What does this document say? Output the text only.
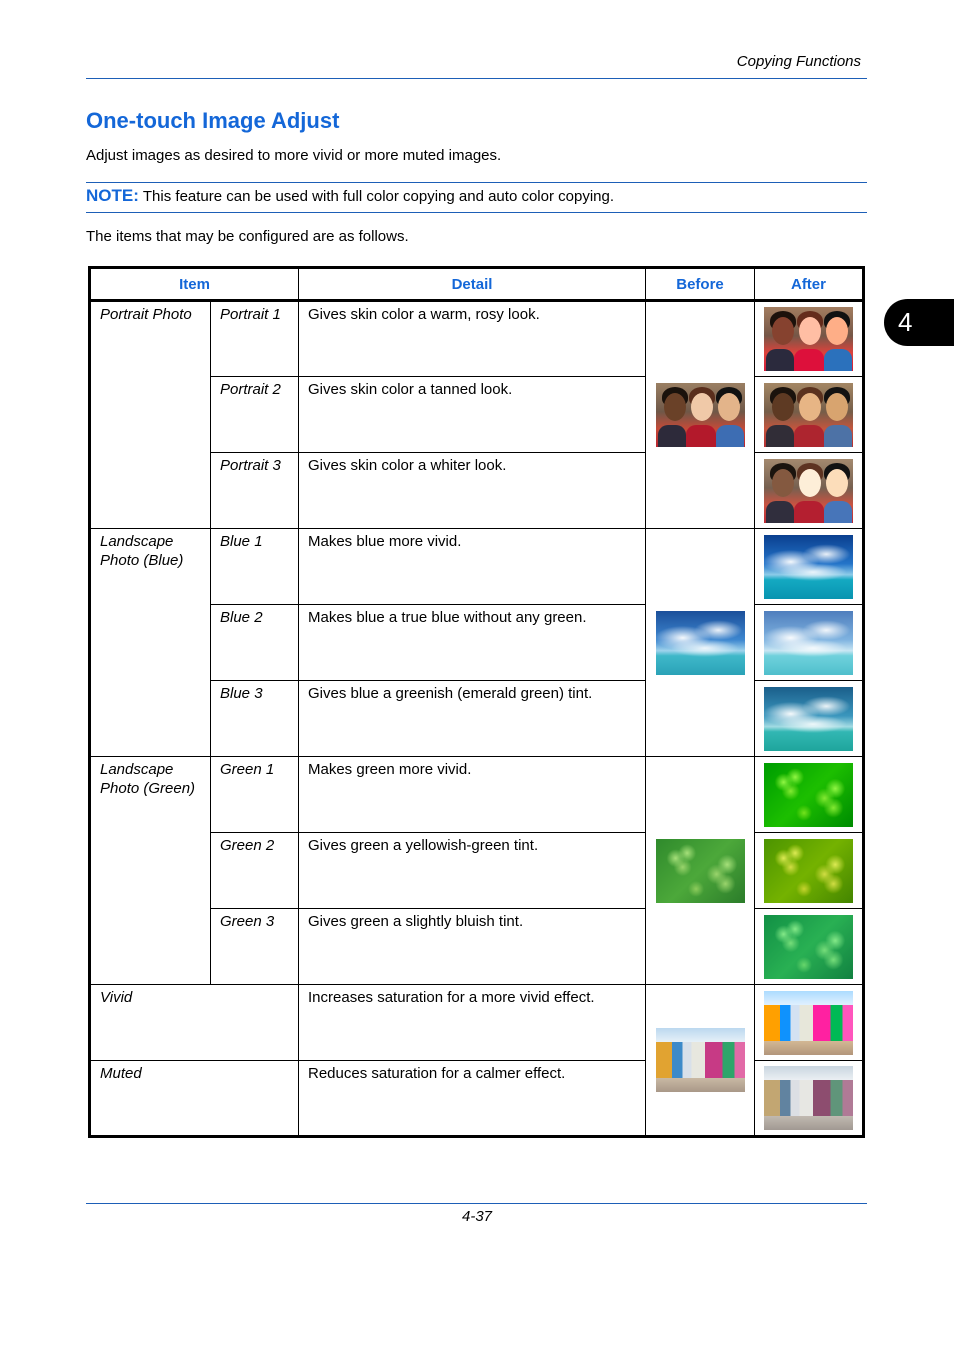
Copying Functions
One-touch Image Adjust
Adjust images as desired to more vivid or more muted images.
NOTE: This feature can be used with full color copying and auto color copying.
The items that may be configured are as follows.
4
Item		Detail	Before	After

Portrait Photo	Portrait 1	Gives skin color a warm, rosy look.		

	Portrait 2	Gives skin color a tanned look.		

	Portrait 3	Gives skin color a whiter look.		

Landscape Photo (Blue)	Blue 1	Makes blue more vivid.		

	Blue 2	Makes blue a true blue without any green.		

	Blue 3	Gives blue a greenish (emerald green) tint.		

Landscape Photo (Green)	Green 1	Makes green more vivid.		

	Green 2	Gives green a yellowish-green tint.		

	Green 3	Gives green a slightly bluish tint.		

Vivid		Increases saturation for a more vivid effect.		

Muted		Reduces saturation for a calmer effect.		

4-37
